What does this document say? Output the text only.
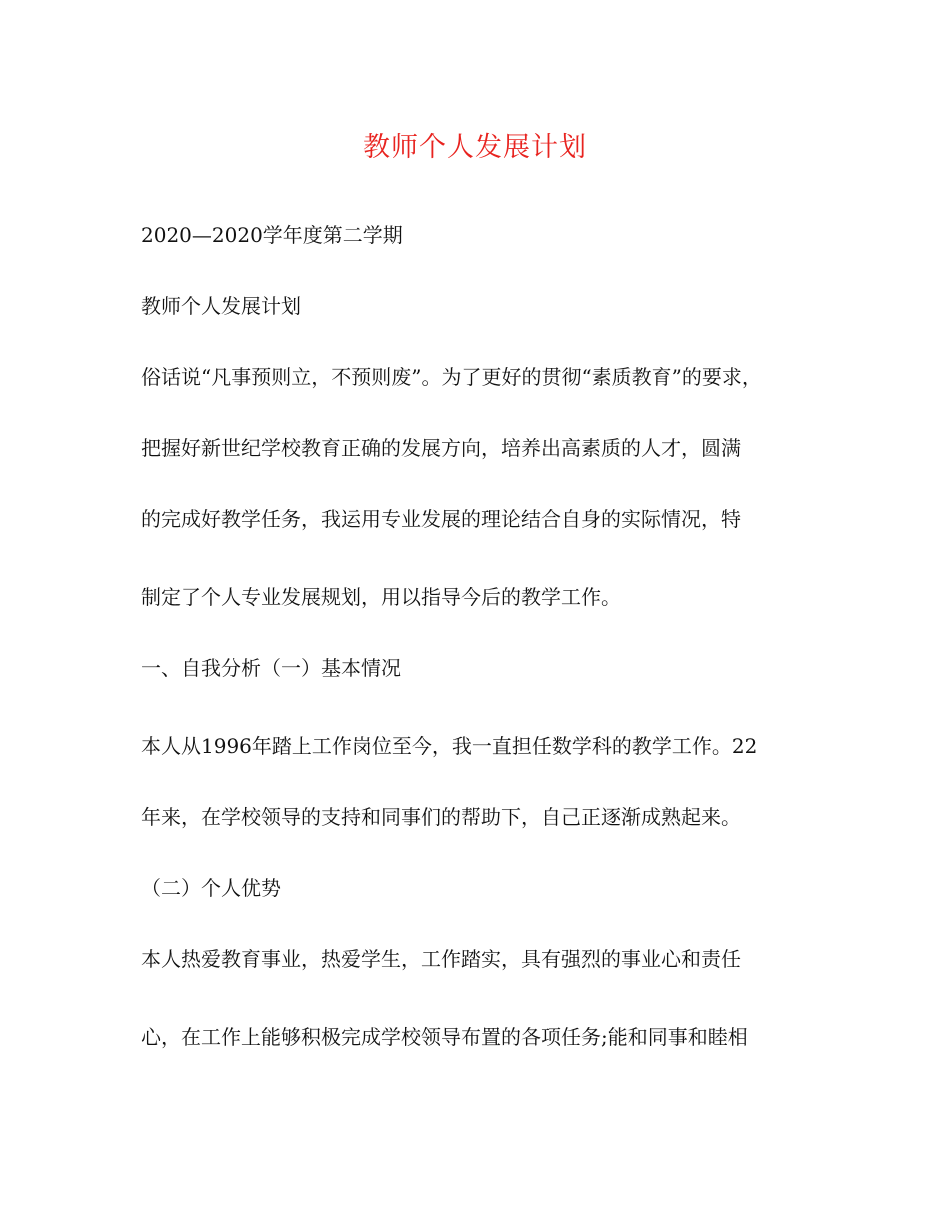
教师个人发展计划
2020—2020学年度第二学期
教师个人发展计划
俗话说“凡事预则立，不预则废”。为了更好的贯彻“素质教育”的要求，
把握好新世纪学校教育正确的发展方向，培养出高素质的人才，圆满
的完成好教学任务，我运用专业发展的理论结合自身的实际情况，特
制定了个人专业发展规划，用以指导今后的教学工作。
一、自我分析（一）基本情况
本人从1996年踏上工作岗位至今，我一直担任数学科的教学工作。22
年来，在学校领导的支持和同事们的帮助下，自己正逐渐成熟起来。
（二）个人优势
本人热爱教育事业，热爱学生，工作踏实，具有强烈的事业心和责任
心，在工作上能够积极完成学校领导布置的各项任务;能和同事和睦相
